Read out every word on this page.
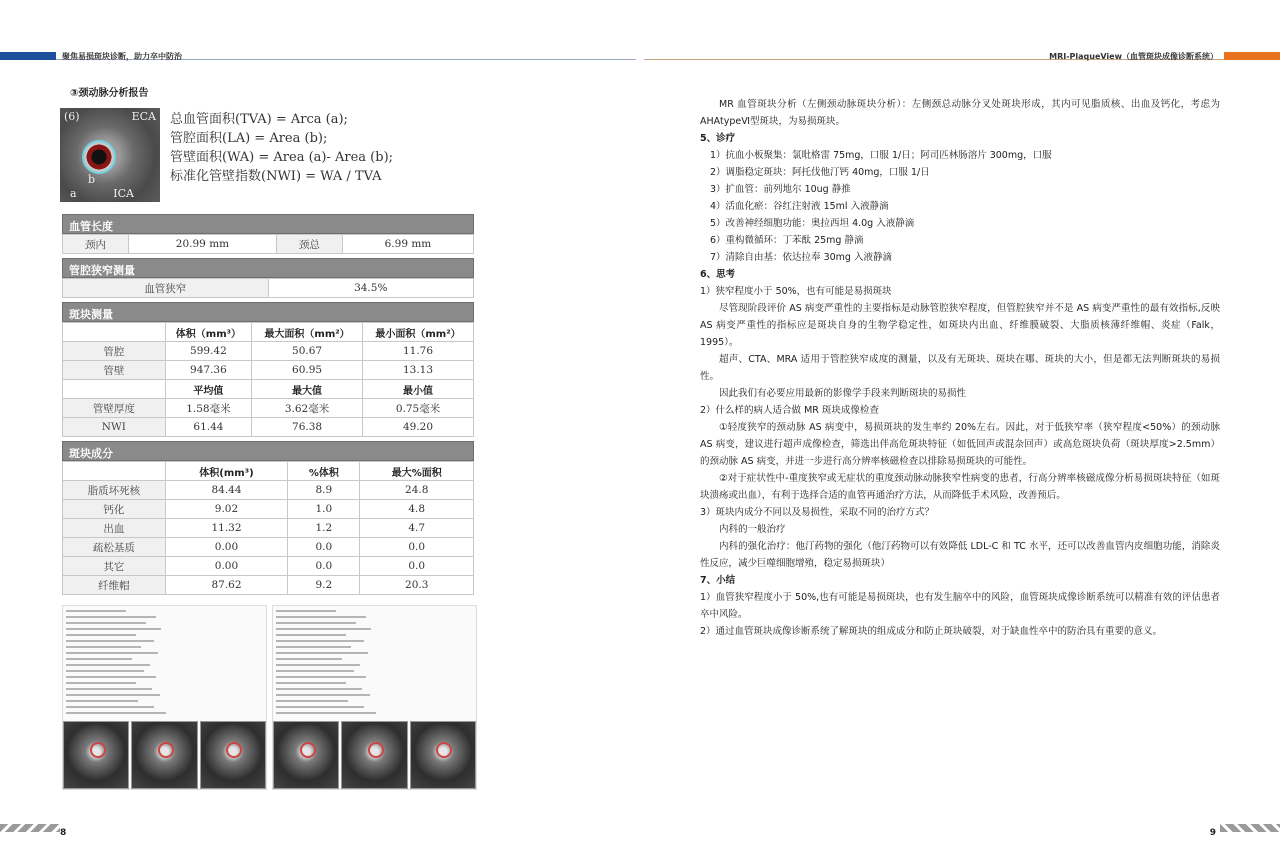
聚焦易损斑块诊断，助力卒中防治	MRI-PlaqueView（血管斑块成像诊断系统）
③颈动脉分析报告
(6)	ECA
ICA
a
b
总血管面积(TVA) = Arca (a);
管腔面积(LA) = Area (b);
管壁面积(WA) = Area (a)- Area (b);
标准化管壁指数(NWI) = WA / TVA
血管长度
颈内	20.99 mm	颈总	6.99 mm
管腔狭窄测量
血管狭窄	34.5%
斑块测量
	体积（mm³）	最大面积（mm²）	最小面积（mm²）
管腔	599.42	50.67	11.76
管壁	947.36	60.95	13.13
	平均值	最大值	最小值
管壁厚度	1.58毫米	3.62毫米	0.75毫米
NWI	61.44	76.38	49.20
斑块成分
	体积(mm³)	%体积	最大%面积
脂质坏死核	84.44	8.9	24.8
钙化	9.02	1.0	4.8
出血	11.32	1.2	4.7
疏松基质	0.00	0.0	0.0
其它	0.00	0.0	0.0
纤维帽	87.62	9.2	20.3

MR 血管斑块分析（左侧颈动脉斑块分析）：左侧颈总动脉分叉处斑块形成，其内可见脂质核、出血及钙化，考虑为 AHAtypeⅥ型斑块，为易损斑块。

5、诊疗

1）抗血小板聚集：氯吡格雷 75mg，口服 1/日；阿司匹林肠溶片 300mg，口服

2）调脂稳定斑块：阿托伐他汀钙 40mg，口服 1/日

3）扩血管：前列地尔 10ug 静推

4）活血化瘀：谷红注射液 15ml 入液静滴

5）改善神经细胞功能：奥拉西坦 4.0g 入液静滴

6）重构微循环：丁苯酞 25mg 静滴

7）清除自由基：依达拉奉 30mg 入液静滴

6、思考

1）狭窄程度小于 50%，也有可能是易损斑块

尽管现阶段评价 AS 病变严重性的主要指标是动脉管腔狭窄程度，但管腔狭窄并不是 AS 病变严重性的最有效指标,反映 AS 病变严重性的指标应是斑块自身的生物学稳定性，如斑块内出血、纤维膜破裂、大脂质核薄纤维帽、炎症（Falk，1995）。

超声、CTA、MRA 适用于管腔狭窄成度的测量，以及有无斑块、斑块在哪、斑块的大小，但是都无法判断斑块的易损性。

因此我们有必要应用最新的影像学手段来判断斑块的易损性

2）什么样的病人适合做 MR 斑块成像检查

①轻度狭窄的颈动脉 AS 病变中，易损斑块的发生率约 20%左右。因此，对于低狭窄率（狭窄程度<50%）的颈动脉 AS 病变，建议进行超声成像检查，筛选出伴高危斑块特征（如低回声或混杂回声）或高危斑块负荷（斑块厚度>2.5mm）的颈动脉 AS 病变，并进一步进行高分辨率核磁检查以排除易损斑块的可能性。

②对于症状性中-重度狭窄或无症状的重度颈动脉动脉狭窄性病变的患者，行高分辨率核磁成像分析易损斑块特征（如斑块溃疡或出血），有利于选择合适的血管再通治疗方法，从而降低手术风险，改善预后。

3）斑块内成分不同以及易损性，采取不同的治疗方式？

内科的一般治疗

内科的强化治疗：他汀药物的强化（他汀药物可以有效降低 LDL-C 和 TC 水平，还可以改善血管内皮细胞功能，消除炎性反应，减少巨噬细胞增殖，稳定易损斑块）

7、小结

1）血管狭窄程度小于 50%,也有可能是易损斑块，也有发生脑卒中的风险，血管斑块成像诊断系统可以精准有效的评估患者卒中风险。

2）通过血管斑块成像诊断系统了解斑块的组成成分和防止斑块破裂，对于缺血性卒中的防治具有重要的意义。

8	9
